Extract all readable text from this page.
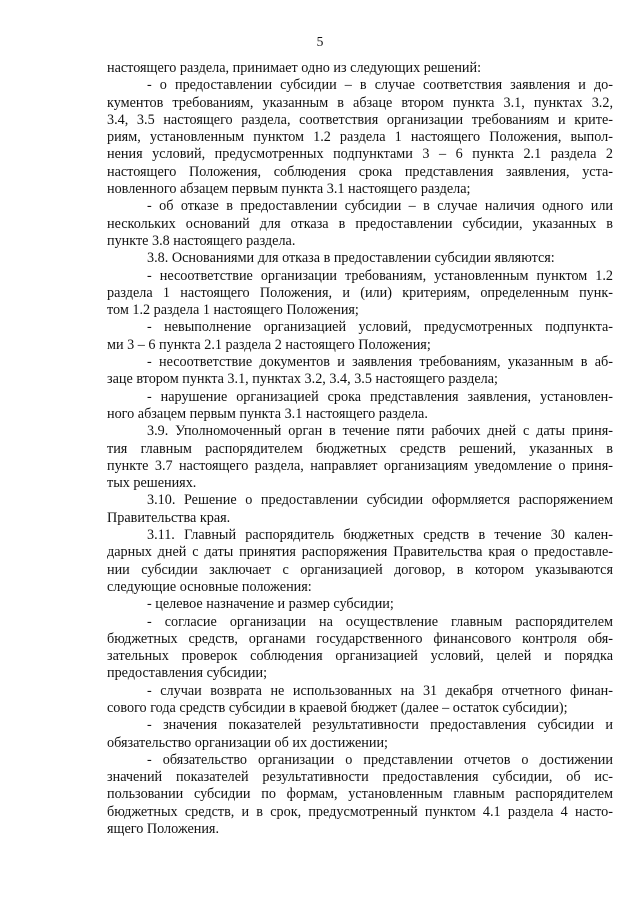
5
настоящего раздела, принимает одно из следующих решений:
- о предоставлении субсидии – в случае соответствия заявления и до-
кументов требованиям, указанным в абзаце втором пункта 3.1, пунктах 3.2,
3.4, 3.5 настоящего раздела, соответствия организации требованиям и крите-
риям, установленным пунктом 1.2 раздела 1 настоящего Положения, выпол-
нения условий, предусмотренных подпунктами 3 – 6 пункта 2.1 раздела 2
настоящего Положения, соблюдения срока представления заявления, уста-
новленного абзацем первым пункта 3.1 настоящего раздела;
- об отказе в предоставлении субсидии – в случае наличия одного или
нескольких оснований для отказа в предоставлении субсидии, указанных в
пункте 3.8 настоящего раздела.
3.8. Основаниями для отказа в предоставлении субсидии являются:
- несоответствие организации требованиям, установленным пунктом 1.2
раздела 1 настоящего Положения, и (или) критериям, определенным пунк-
том 1.2 раздела 1 настоящего Положения;
- невыполнение организацией условий, предусмотренных подпункта-
ми 3 – 6 пункта 2.1 раздела 2 настоящего Положения;
- несоответствие документов и заявления требованиям, указанным в аб-
заце втором пункта 3.1, пунктах 3.2, 3.4, 3.5 настоящего раздела;
- нарушение организацией срока представления заявления, установлен-
ного абзацем первым пункта 3.1 настоящего раздела.
3.9. Уполномоченный орган в течение пяти рабочих дней с даты приня-
тия главным распорядителем бюджетных средств решений, указанных в
пункте 3.7 настоящего раздела, направляет организациям уведомление о приня-
тых решениях.
3.10. Решение о предоставлении субсидии оформляется распоряжением
Правительства края.
3.11. Главный распорядитель бюджетных средств в течение 30 кален-
дарных дней с даты принятия распоряжения Правительства края о предоставле-
нии субсидии заключает с организацией договор, в котором указываются
следующие основные положения:
- целевое назначение и размер субсидии;
- согласие организации на осуществление главным распорядителем
бюджетных средств, органами государственного финансового контроля обя-
зательных проверок соблюдения организацией условий, целей и порядка
предоставления субсидии;
- случаи возврата не использованных на 31 декабря отчетного финан-
сового года средств субсидии в краевой бюджет (далее – остаток субсидии);
- значения показателей результативности предоставления субсидии и
обязательство организации об их достижении;
- обязательство организации о представлении отчетов о достижении
значений показателей результативности предоставления субсидии, об ис-
пользовании субсидии по формам, установленным главным распорядителем
бюджетных средств, и в срок, предусмотренный пунктом 4.1 раздела 4 насто-
ящего Положения.
